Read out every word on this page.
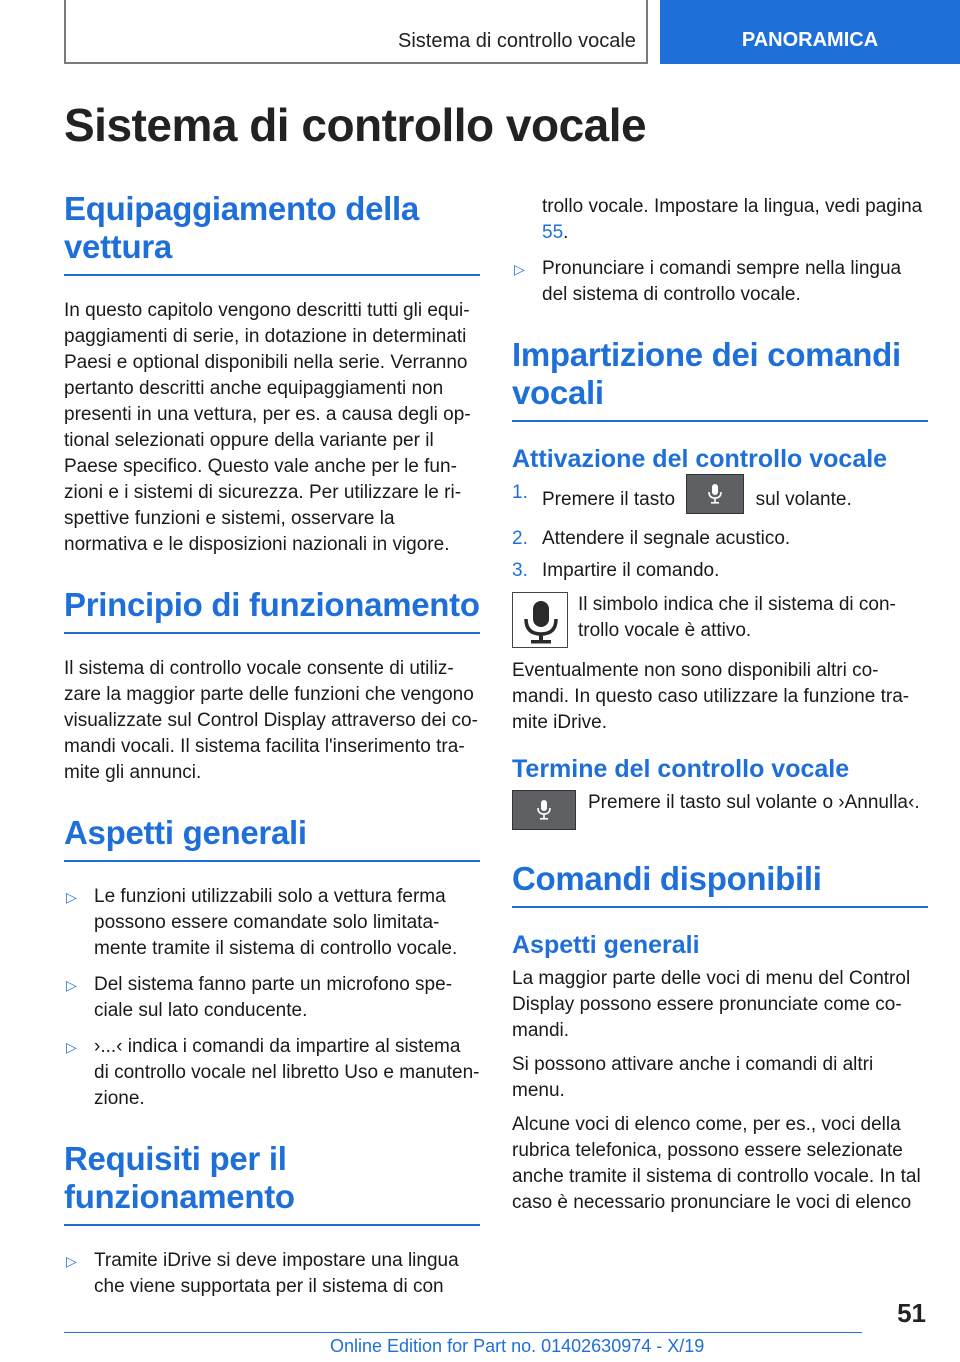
Sistema di controllo vocale	PANORAMICA
Sistema di controllo vocale
Equipaggiamento della vettura

In questo capitolo vengono descritti tutti gli equipaggiamenti di serie, in dotazione in determinati Paesi e optional disponibili nella serie. Verranno pertanto descritti anche equipaggiamenti non presenti in una vettura, per es. a causa degli optional selezionati oppure della variante per il Paese specifico. Questo vale anche per le funzioni e i sistemi di sicurezza. Per utilizzare le rispettive funzioni e sistemi, osservare la normativa e le disposizioni nazionali in vigore.

Principio di funzionamento

Il sistema di controllo vocale consente di utilizzare la maggior parte delle funzioni che vengono visualizzate sul Control Display attraverso dei comandi vocali. Il sistema facilita l'inserimento tramite gli annunci.

Aspetti generali
▷ Le funzioni utilizzabili solo a vettura ferma possono essere comandate solo limitatamente tramite il sistema di controllo vocale.
▷ Del sistema fanno parte un microfono speciale sul lato conducente.
▷ ›...‹ indica i comandi da impartire al sistema di controllo vocale nel libretto Uso e manutenzione.
Requisiti per il funzionamento
▷ Tramite iDrive si deve impostare una lingua che viene supportata per il sistema di con

trollo vocale. Impostare la lingua, vedi pagina 55.

▷ Pronunciare i comandi sempre nella lingua del sistema di controllo vocale.
Impartizione dei comandi vocali
Attivazione del controllo vocale
1. Premere il tasto	sul volante.
2. Attendere il segnale acustico.
3. Impartire il comando.
Il simbolo indica che il sistema di controllo vocale è attivo.

Eventualmente non sono disponibili altri comandi. In questo caso utilizzare la funzione tramite iDrive.

Termine del controllo vocale
Premere il tasto sul volante o ›Annulla‹.
Comandi disponibili
Aspetti generali

La maggior parte delle voci di menu del Control Display possono essere pronunciate come comandi.

Si possono attivare anche i comandi di altri menu.

Alcune voci di elenco come, per es., voci della rubrica telefonica, possono essere selezionate anche tramite il sistema di controllo vocale. In tal caso è necessario pronunciare le voci di elenco

51
Online Edition for Part no. 01402630974 - X/19
